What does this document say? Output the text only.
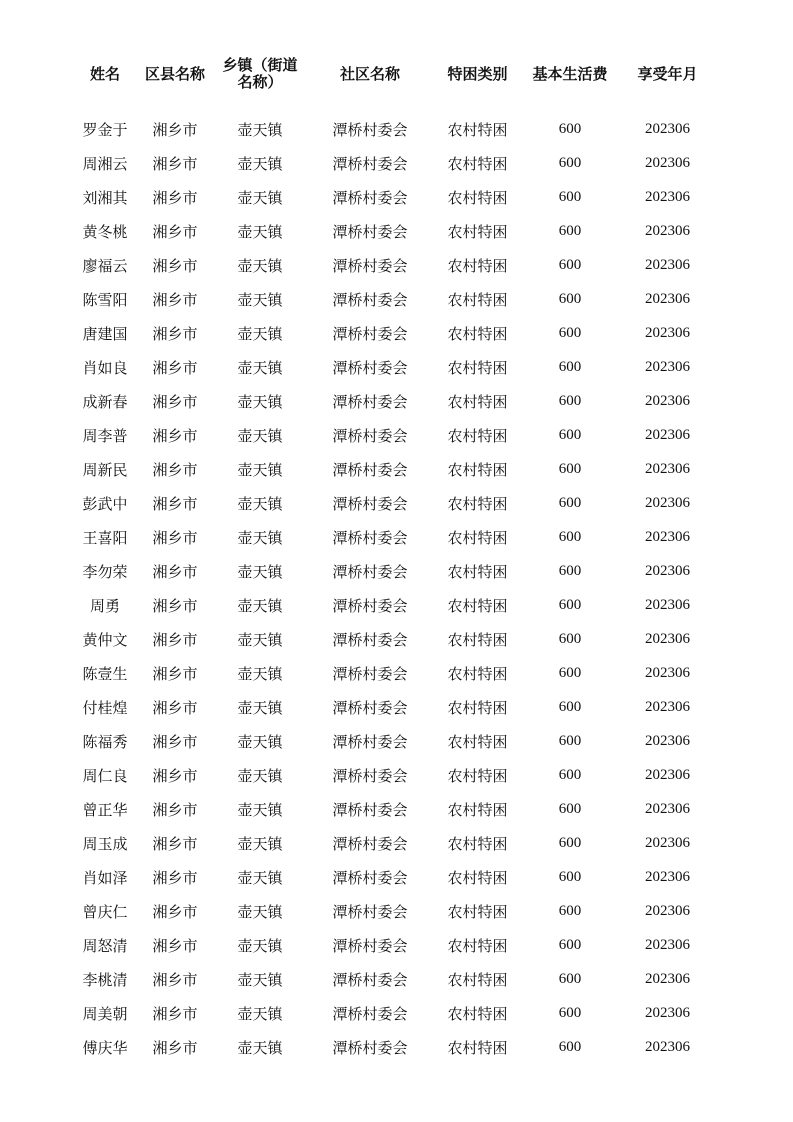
姓名	区县名称	乡镇（街道
名称）	社区名称	特困类别	基本生活费	享受年月
罗金于	湘乡市	壶天镇	潭桥村委会	农村特困	600	202306
周湘云	湘乡市	壶天镇	潭桥村委会	农村特困	600	202306
刘湘其	湘乡市	壶天镇	潭桥村委会	农村特困	600	202306
黄冬桃	湘乡市	壶天镇	潭桥村委会	农村特困	600	202306
廖福云	湘乡市	壶天镇	潭桥村委会	农村特困	600	202306
陈雪阳	湘乡市	壶天镇	潭桥村委会	农村特困	600	202306
唐建国	湘乡市	壶天镇	潭桥村委会	农村特困	600	202306
肖如良	湘乡市	壶天镇	潭桥村委会	农村特困	600	202306
成新春	湘乡市	壶天镇	潭桥村委会	农村特困	600	202306
周李普	湘乡市	壶天镇	潭桥村委会	农村特困	600	202306
周新民	湘乡市	壶天镇	潭桥村委会	农村特困	600	202306
彭武中	湘乡市	壶天镇	潭桥村委会	农村特困	600	202306
王喜阳	湘乡市	壶天镇	潭桥村委会	农村特困	600	202306
李勿荣	湘乡市	壶天镇	潭桥村委会	农村特困	600	202306
周勇	湘乡市	壶天镇	潭桥村委会	农村特困	600	202306
黄仲文	湘乡市	壶天镇	潭桥村委会	农村特困	600	202306
陈壹生	湘乡市	壶天镇	潭桥村委会	农村特困	600	202306
付桂煌	湘乡市	壶天镇	潭桥村委会	农村特困	600	202306
陈福秀	湘乡市	壶天镇	潭桥村委会	农村特困	600	202306
周仁良	湘乡市	壶天镇	潭桥村委会	农村特困	600	202306
曾正华	湘乡市	壶天镇	潭桥村委会	农村特困	600	202306
周玉成	湘乡市	壶天镇	潭桥村委会	农村特困	600	202306
肖如泽	湘乡市	壶天镇	潭桥村委会	农村特困	600	202306
曾庆仁	湘乡市	壶天镇	潭桥村委会	农村特困	600	202306
周怒清	湘乡市	壶天镇	潭桥村委会	农村特困	600	202306
李桃清	湘乡市	壶天镇	潭桥村委会	农村特困	600	202306
周美朝	湘乡市	壶天镇	潭桥村委会	农村特困	600	202306
傅庆华	湘乡市	壶天镇	潭桥村委会	农村特困	600	202306
